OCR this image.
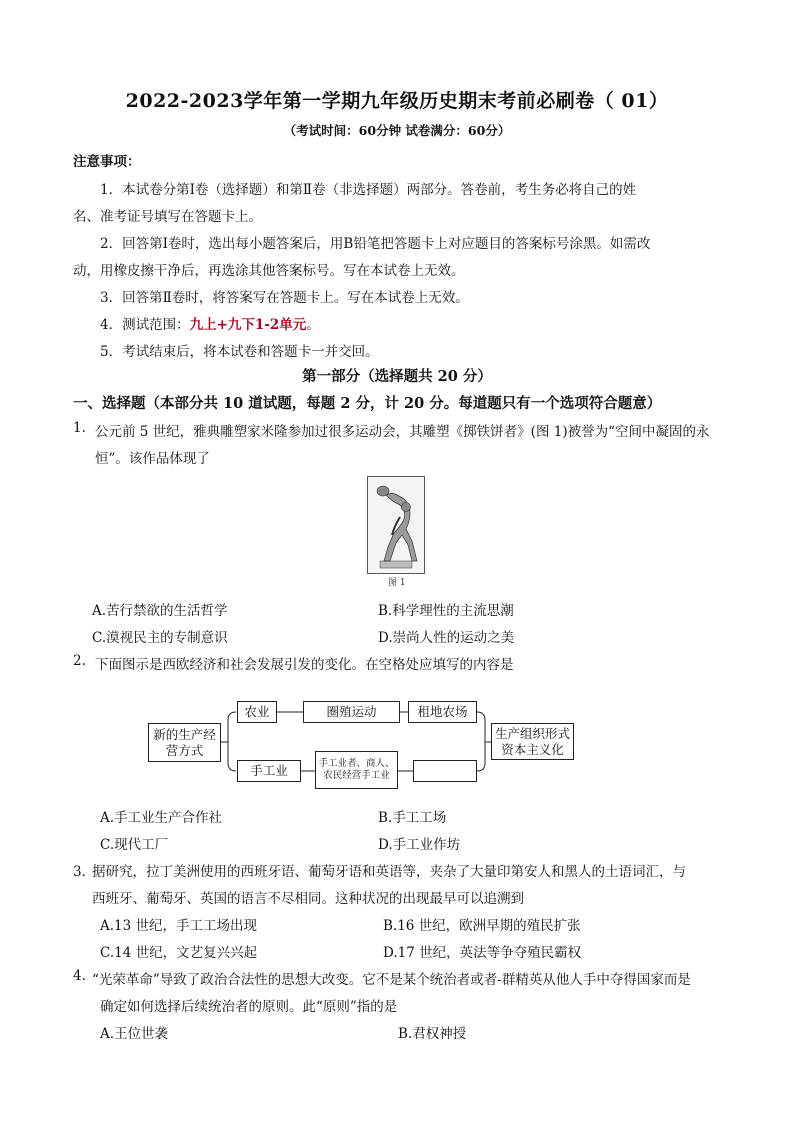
2022-2023学年第一学期九年级历史期末考前必刷卷（ 01）
（考试时间：60分钟 试卷满分：60分）
注意事项：
1．本试卷分第Ⅰ卷（选择题）和第Ⅱ卷（非选择题）两部分。答卷前，考生务必将自己的姓
名、准考证号填写在答题卡上。
2．回答第Ⅰ卷时，选出每小题答案后，用B铅笔把答题卡上对应题目的答案标号涂黑。如需改
动，用橡皮擦干净后，再选涂其他答案标号。写在本试卷上无效。
3．回答第Ⅱ卷时，将答案写在答题卡上。写在本试卷上无效。
4．测试范围：九上+九下1-2单元。
5．考试结束后，将本试卷和答题卡一并交回。
第一部分（选择题共 20 分）
一、选择题（本部分共 10 道试题，每题 2 分，计 20 分。每道题只有一个选项符合题意）
1. 公元前 5 世纪，雅典雕塑家米隆参加过很多运动会，其雕塑《掷铁饼者》(图 1)被誉为“空间中凝固的永
恒”。该作品体现了
图 1
A.苦行禁欲的生活哲学	B.科学理性的主流思潮
C.漠视民主的专制意识	D.崇尚人性的运动之美
2. 下面图示是西欧经济和社会发展引发的变化。在空格处应填写的内容是
新的生产经营方式
农业	圈殖运动	租地农场
手工业	手工业者、商人、农民经营手工业
生产组织形式资本主义化
A.手工业生产合作社	B.手工工场
C.现代工厂	D.手工业作坊
3．
据研究，拉丁美洲使用的西班牙语、葡萄牙语和英语等，夹杂了大量印第安人和黑人的土语词汇，与
西班牙、葡萄牙、英国的语言不尽相同。这种状况的出现最早可以追溯到
A.13 世纪，手工工场出现	B.16 世纪，欧洲早期的殖民扩张
C.14 世纪，文艺复兴兴起	D.17 世纪，英法等争夺殖民霸权
4. “光荣革命”导致了政治合法性的思想大改变。它不是某个统治者或者-群精英从他人手中夺得国家而是
确定如何选择后续统治者的原则。此“原则”指的是
A.王位世袭	B.君权神授
